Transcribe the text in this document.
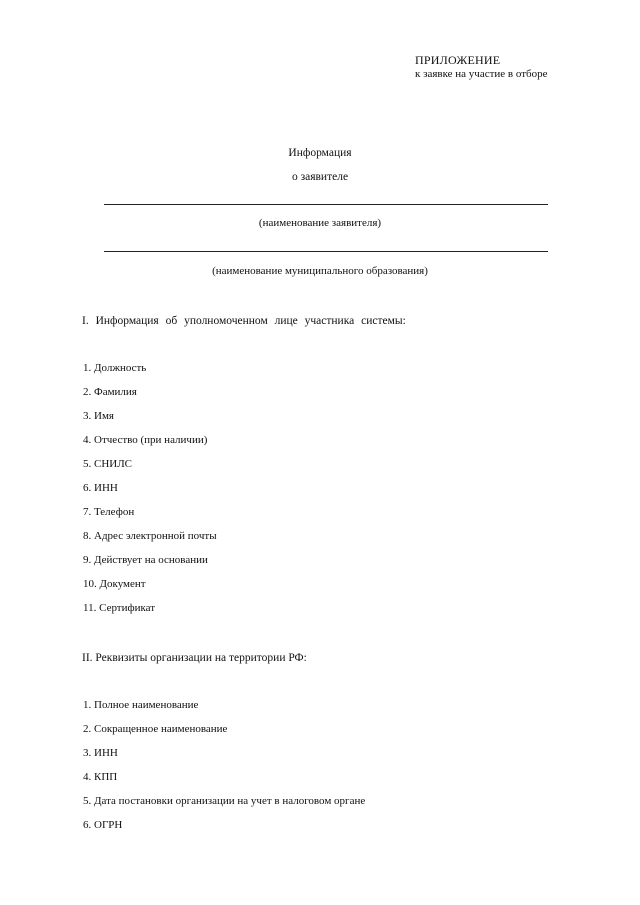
ПРИЛОЖЕНИЕ
к заявке на участие в отборе
Информация
о заявителе
(наименование заявителя)
(наименование муниципального образования)
I. Информация об уполномоченном лице участника системы:
1. Должность
2. Фамилия
3. Имя
4. Отчество (при наличии)
5. СНИЛС
6. ИНН
7. Телефон
8. Адрес электронной почты
9. Действует на основании
10. Документ
11. Сертификат
II. Реквизиты организации на территории РФ:
1. Полное наименование
2. Сокращенное наименование
3. ИНН
4. КПП
5. Дата постановки организации на учет в налоговом органе
6. ОГРН
